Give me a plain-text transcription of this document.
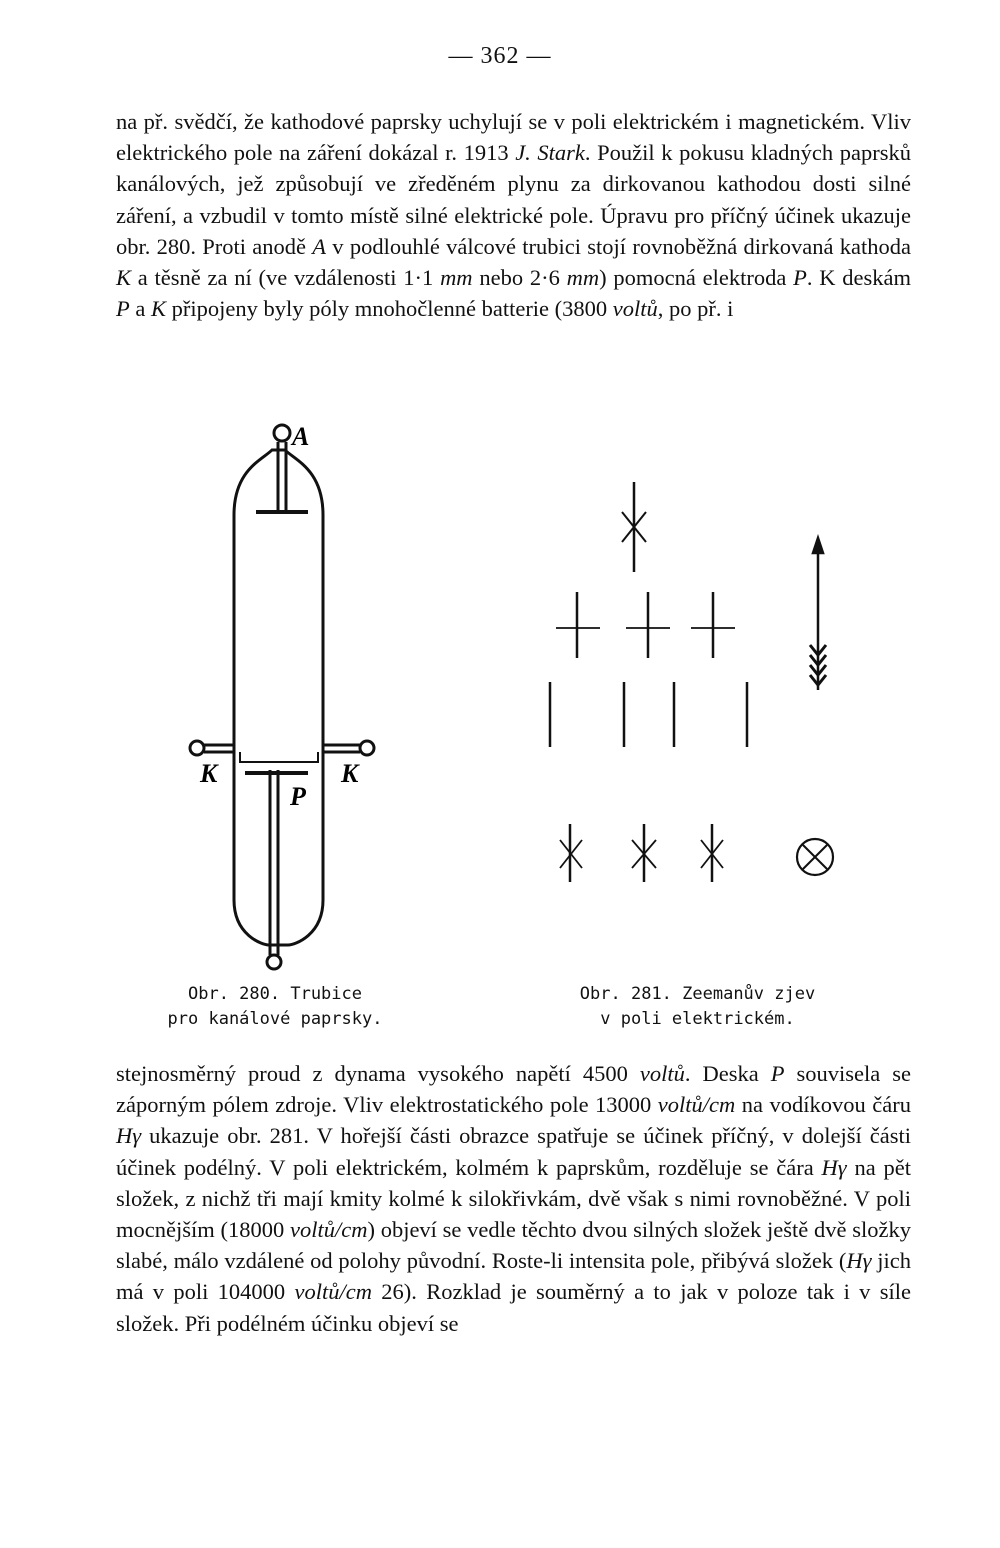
— 362 —

na př. svědčí, že kathodové paprsky uchylují se v poli elektrickém i magnetickém. Vliv elektrického pole na záření dokázal r. 1913 J. Stark. Použil k pokusu kladných paprsků kanálových, jež způsobují ve zředěném plynu za dirkovanou kathodou dosti silné záření, a vzbudil v tomto místě silné elektrické pole. Úpravu pro příčný účinek ukazuje obr. 280. Proti anodě A v podlouhlé válcové trubici stojí rovnoběžná dirkovaná kathoda K a těsně za ní (ve vzdálenosti 1·1 mm nebo 2·6 mm) pomocná elektroda P. K deskám P a K připojeny byly póly mnohočlenné batterie (3800 voltů, po př. i

A
K	K
P
Obr. 280. Trubice
pro kanálové paprsky.
Obr. 281. Zeemanův zjev
v poli elektrickém.

stejnosměrný proud z dynama vysokého napětí 4500 voltů. Deska P souvisela se záporným pólem zdroje. Vliv elektrostatického pole 13000 voltů/cm na vodíkovou čáru Hγ ukazuje obr. 281. V hořejší části obrazce spatřuje se účinek příčný, v dolejší části účinek podélný. V poli elektrickém, kolmém k paprskům, rozděluje se čára Hγ na pět složek, z nichž tři mají kmity kolmé k silokřivkám, dvě však s nimi rovnoběžné. V poli mocnějším (18000 voltů/cm) objeví se vedle těchto dvou silných složek ještě dvě složky slabé, málo vzdálené od polohy původní. Roste-li intensita pole, přibývá složek (Hγ jich má v poli 104000 voltů/cm 26). Rozklad je souměrný a to jak v poloze tak i v síle složek. Při podélném účinku objeví se
